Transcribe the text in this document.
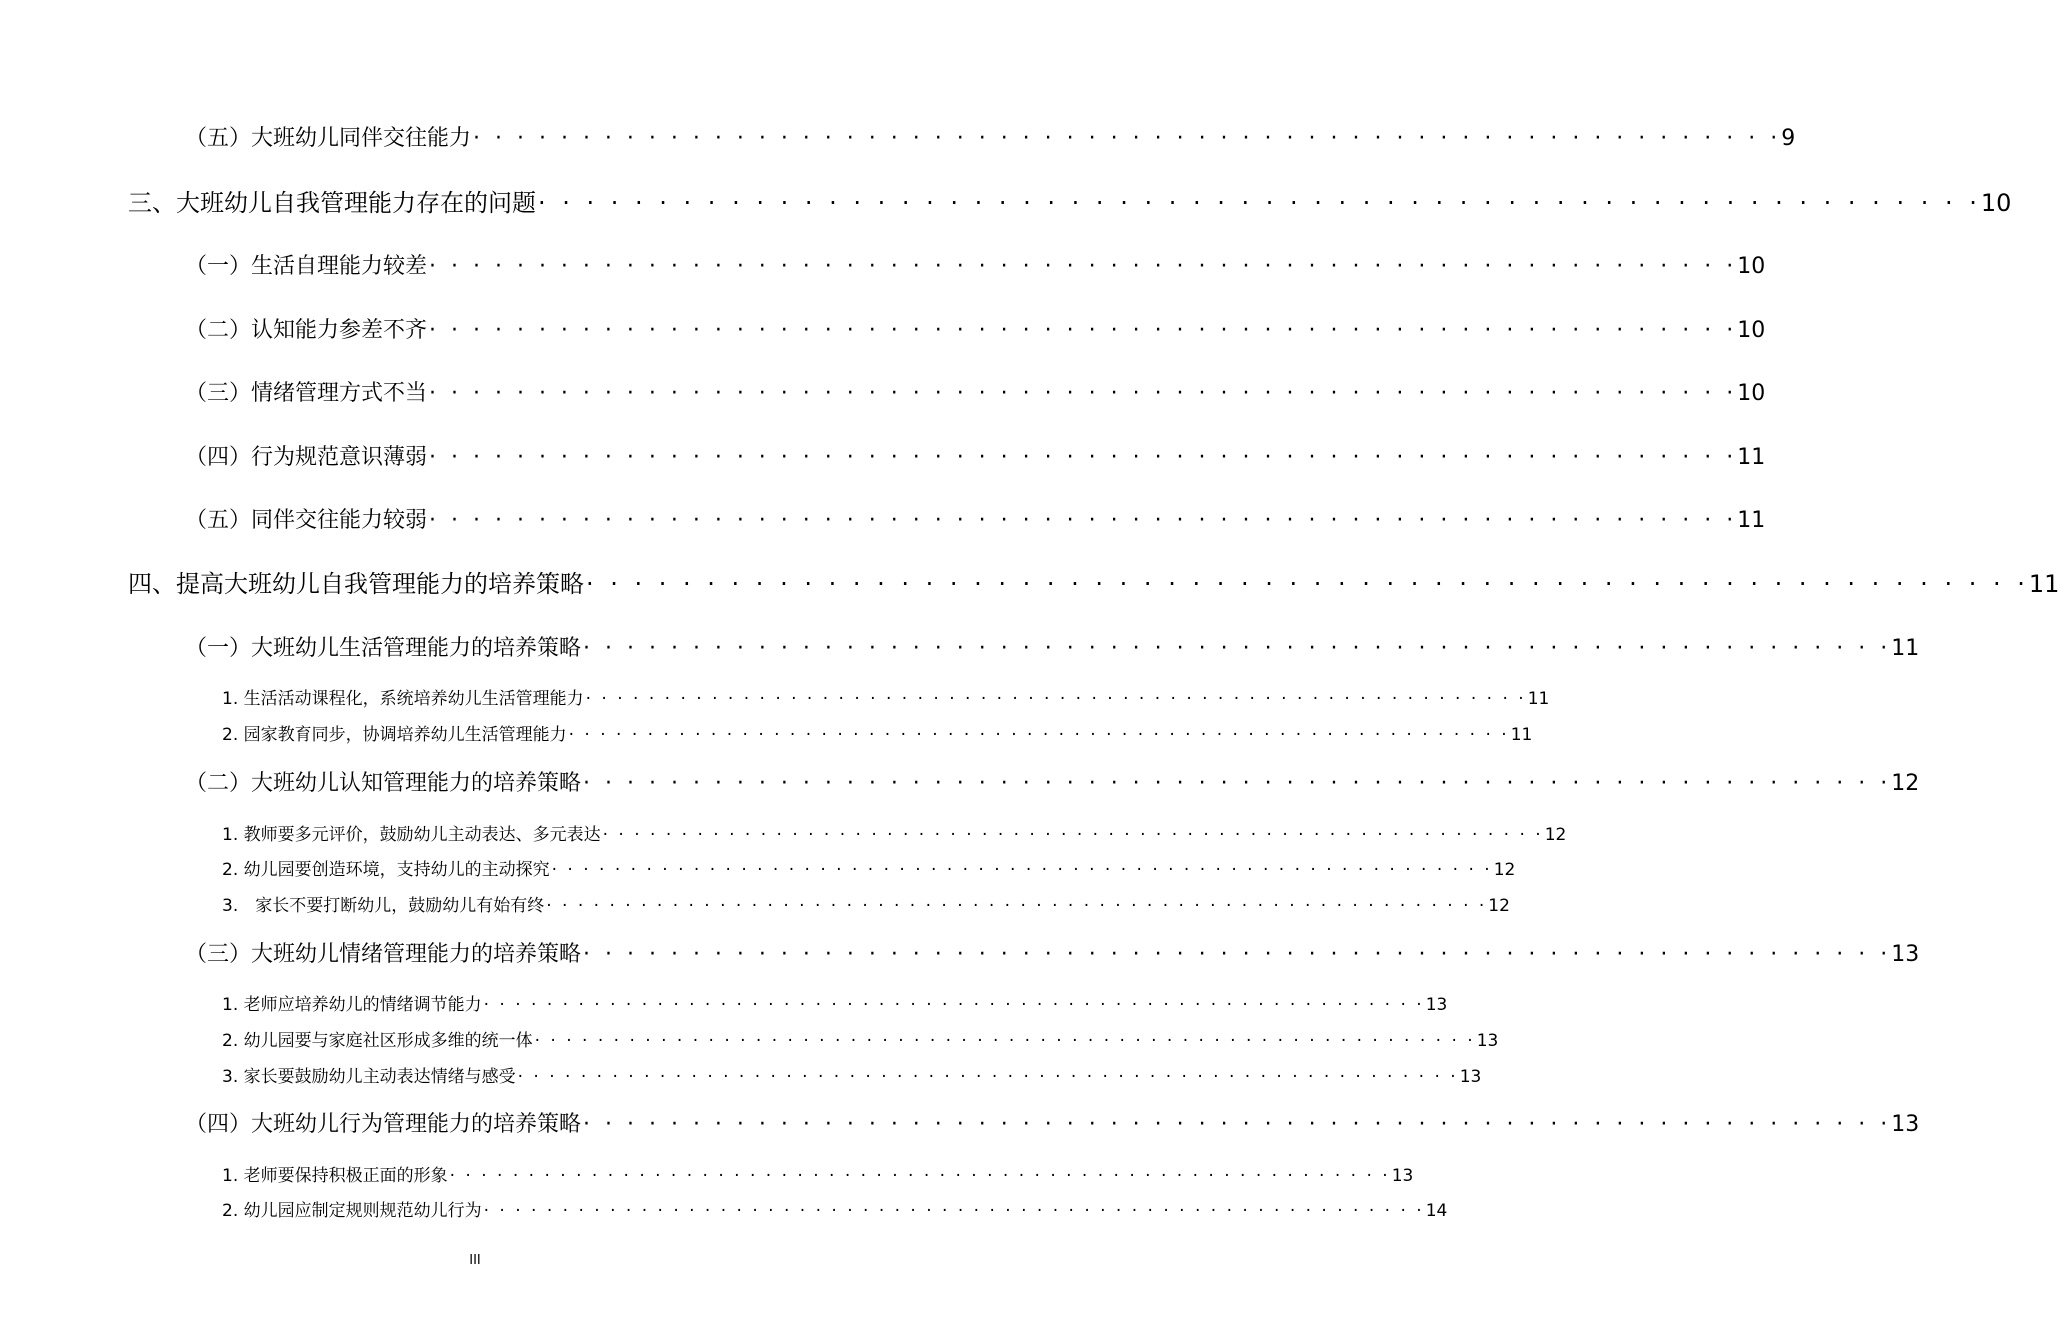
（五）大班幼儿同伴交往能力 · · · · · · · · · · · · · · · · · · · · · · · · · · · · · · · · · · · · · · · · · · · · · · · · · · · · · · · · · · · · 9
三、大班幼儿自我管理能力存在的问题 · · · · · · · · · · · · · · · · · · · · · · · · · · · · · · · · · · · · · · · · · · · · · · · · · · · · · · · · · · · · 10
（一）生活自理能力较差 · · · · · · · · · · · · · · · · · · · · · · · · · · · · · · · · · · · · · · · · · · · · · · · · · · · · · · · · · · · · 10
（二）认知能力参差不齐 · · · · · · · · · · · · · · · · · · · · · · · · · · · · · · · · · · · · · · · · · · · · · · · · · · · · · · · · · · · · 10
（三）情绪管理方式不当 · · · · · · · · · · · · · · · · · · · · · · · · · · · · · · · · · · · · · · · · · · · · · · · · · · · · · · · · · · · · 10
（四）行为规范意识薄弱 · · · · · · · · · · · · · · · · · · · · · · · · · · · · · · · · · · · · · · · · · · · · · · · · · · · · · · · · · · · · 11
（五）同伴交往能力较弱 · · · · · · · · · · · · · · · · · · · · · · · · · · · · · · · · · · · · · · · · · · · · · · · · · · · · · · · · · · · · 11
四、提高大班幼儿自我管理能力的培养策略 · · · · · · · · · · · · · · · · · · · · · · · · · · · · · · · · · · · · · · · · · · · · · · · · · · · · · · · · · · · · 11
（一）大班幼儿生活管理能力的培养策略 · · · · · · · · · · · · · · · · · · · · · · · · · · · · · · · · · · · · · · · · · · · · · · · · · · · · · · · · · · · · 11
1. 生活活动课程化，系统培养幼儿生活管理能力 · · · · · · · · · · · · · · · · · · · · · · · · · · · · · · · · · · · · · · · · · · · · · · · · · · · · · · · · · · · · 11
2. 园家教育同步，协调培养幼儿生活管理能力 · · · · · · · · · · · · · · · · · · · · · · · · · · · · · · · · · · · · · · · · · · · · · · · · · · · · · · · · · · · · 11
（二）大班幼儿认知管理能力的培养策略 · · · · · · · · · · · · · · · · · · · · · · · · · · · · · · · · · · · · · · · · · · · · · · · · · · · · · · · · · · · · 12
1. 教师要多元评价，鼓励幼儿主动表达、多元表达 · · · · · · · · · · · · · · · · · · · · · · · · · · · · · · · · · · · · · · · · · · · · · · · · · · · · · · · · · · · · 12
2. 幼儿园要创造环境，支持幼儿的主动探究 · · · · · · · · · · · · · · · · · · · · · · · · · · · · · · · · · · · · · · · · · · · · · · · · · · · · · · · · · · · · 12
3.　家长不要打断幼儿，鼓励幼儿有始有终 · · · · · · · · · · · · · · · · · · · · · · · · · · · · · · · · · · · · · · · · · · · · · · · · · · · · · · · · · · · · 12
（三）大班幼儿情绪管理能力的培养策略 · · · · · · · · · · · · · · · · · · · · · · · · · · · · · · · · · · · · · · · · · · · · · · · · · · · · · · · · · · · · 13
1. 老师应培养幼儿的情绪调节能力 · · · · · · · · · · · · · · · · · · · · · · · · · · · · · · · · · · · · · · · · · · · · · · · · · · · · · · · · · · · · 13
2. 幼儿园要与家庭社区形成多维的统一体 · · · · · · · · · · · · · · · · · · · · · · · · · · · · · · · · · · · · · · · · · · · · · · · · · · · · · · · · · · · · 13
3. 家长要鼓励幼儿主动表达情绪与感受 · · · · · · · · · · · · · · · · · · · · · · · · · · · · · · · · · · · · · · · · · · · · · · · · · · · · · · · · · · · · 13
（四）大班幼儿行为管理能力的培养策略 · · · · · · · · · · · · · · · · · · · · · · · · · · · · · · · · · · · · · · · · · · · · · · · · · · · · · · · · · · · · 13
1. 老师要保持积极正面的形象 · · · · · · · · · · · · · · · · · · · · · · · · · · · · · · · · · · · · · · · · · · · · · · · · · · · · · · · · · · · · 13
2. 幼儿园应制定规则规范幼儿行为 · · · · · · · · · · · · · · · · · · · · · · · · · · · · · · · · · · · · · · · · · · · · · · · · · · · · · · · · · · · · 14
III
